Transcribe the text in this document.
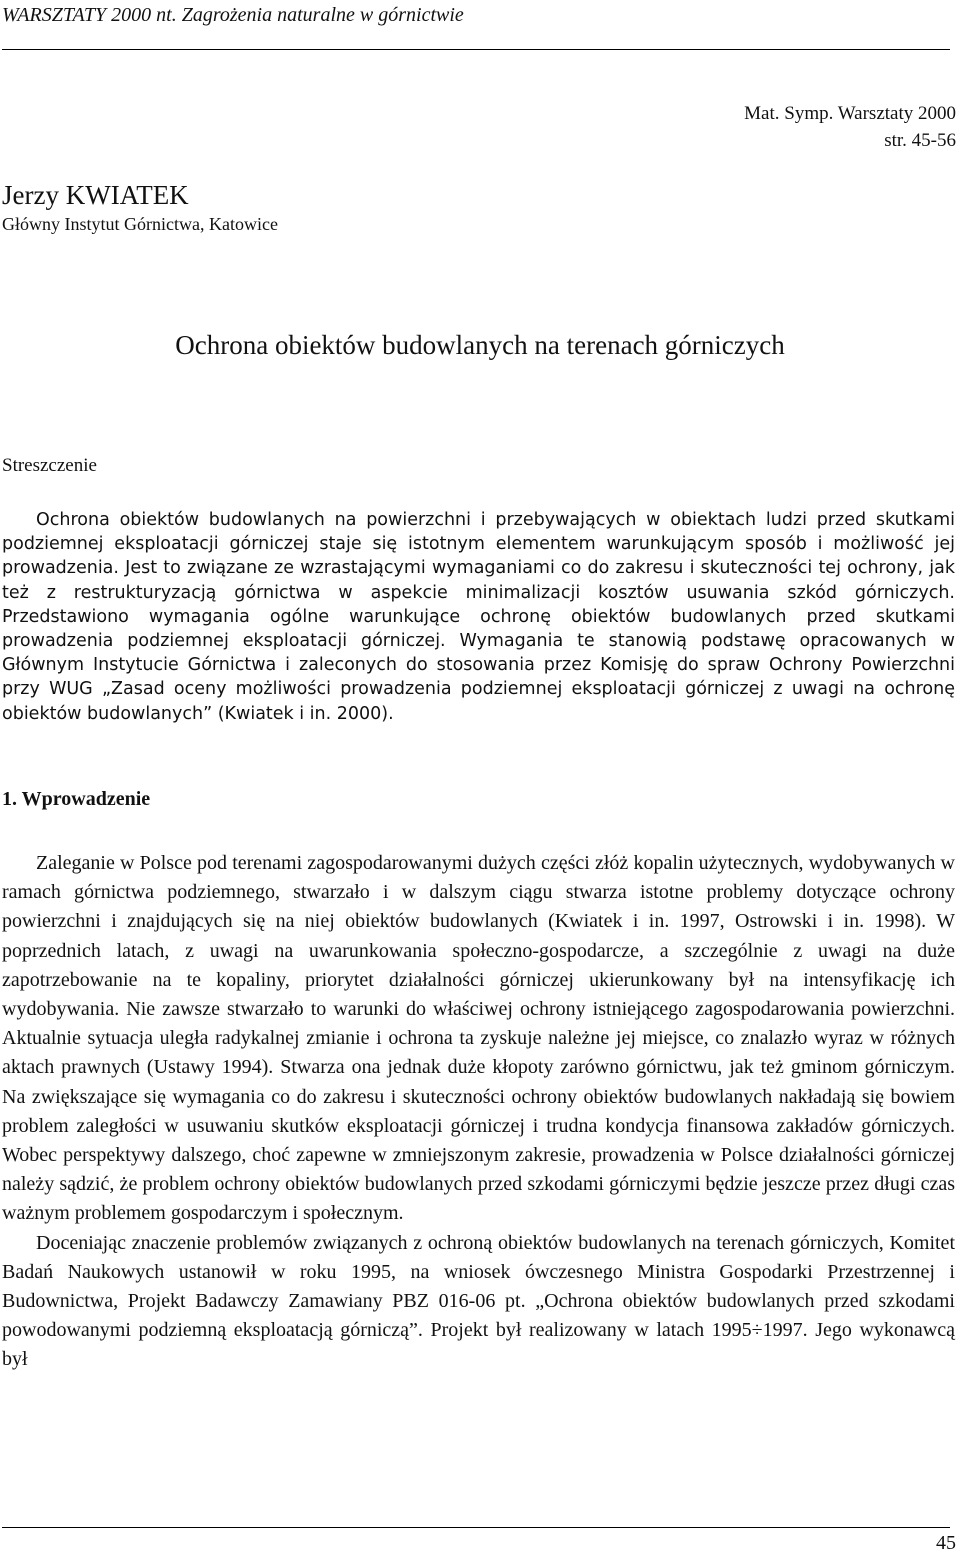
WARSZTATY 2000 nt. Zagrożenia naturalne w górnictwie
Mat. Symp. Warsztaty 2000
str. 45-56
Jerzy KWIATEK
Główny Instytut Górnictwa, Katowice
Ochrona obiektów budowlanych na terenach górniczych
Streszczenie

Ochrona obiektów budowlanych na powierzchni i przebywających w obiektach ludzi przed skutkami podziemnej eksploatacji górniczej staje się istotnym elementem warunkującym sposób i możliwość jej prowadzenia. Jest to związane ze wzrastającymi wymaganiami co do zakresu i skuteczności tej ochrony, jak też z restrukturyzacją górnictwa w aspekcie minimalizacji kosztów usuwania szkód górniczych. Przedstawiono wymagania ogólne warunkujące ochronę obiektów budowlanych przed skutkami prowadzenia podziemnej eksploatacji górniczej. Wymagania te stanowią podstawę opracowanych w Głównym Instytucie Górnictwa i zaleconych do stosowania przez Komisję do spraw Ochrony Powierzchni przy WUG „Zasad oceny możliwości prowadzenia podziemnej eksploatacji górniczej z uwagi na ochronę obiektów budowlanych” (Kwiatek i in. 2000).

1. Wprowadzenie

Zaleganie w Polsce pod terenami zagospodarowanymi dużych części złóż kopalin użytecznych, wydobywanych w ramach górnictwa podziemnego, stwarzało i w dalszym ciągu stwarza istotne problemy dotyczące ochrony powierzchni i znajdujących się na niej obiektów budowlanych (Kwiatek i in. 1997, Ostrowski i in. 1998). W poprzednich latach, z uwagi na uwarunkowania społeczno-gospodarcze, a szczególnie z uwagi na duże zapotrzebowanie na te kopaliny, priorytet działalności górniczej ukierunkowany był na intensyfikację ich wydobywania. Nie zawsze stwarzało to warunki do właściwej ochrony istniejącego zagospodarowania powierzchni. Aktualnie sytuacja uległa radykalnej zmianie i ochrona ta zyskuje należne jej miejsce, co znalazło wyraz w różnych aktach prawnych (Ustawy 1994). Stwarza ona jednak duże kłopoty zarówno górnictwu, jak też gminom górniczym. Na zwiększające się wymagania co do zakresu i skuteczności ochrony obiektów budowlanych nakładają się bowiem problem zaległości w usuwaniu skutków eksploatacji górniczej i trudna kondycja finansowa zakładów górniczych. Wobec perspektywy dalszego, choć zapewne w zmniejszonym zakresie, prowadzenia w Polsce działalności górniczej należy sądzić, że problem ochrony obiektów budowlanych przed szkodami górniczymi będzie jeszcze przez długi czas ważnym problemem gospodarczym i społecznym.

Doceniając znaczenie problemów związanych z ochroną obiektów budowlanych na terenach górniczych, Komitet Badań Naukowych ustanowił w roku 1995, na wniosek ówczesnego Ministra Gospodarki Przestrzennej i Budownictwa, Projekt Badawczy Zamawiany PBZ 016-06 pt. „Ochrona obiektów budowlanych przed szkodami powodowanymi podziemną eksploatacją górniczą”. Projekt był realizowany w latach 1995÷1997. Jego wykonawcą był

45
